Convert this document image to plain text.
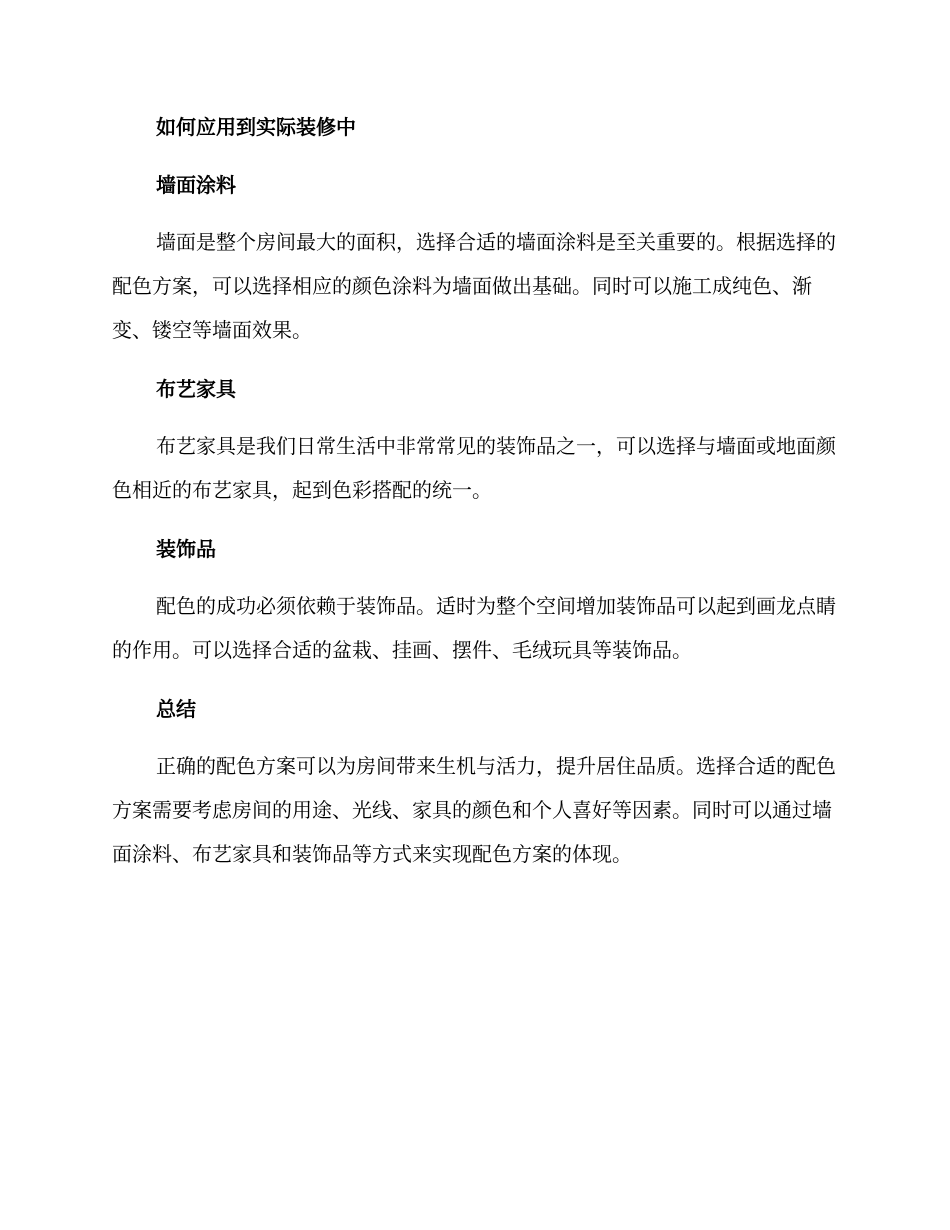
如何应用到实际装修中
墙面涂料

墙面是整个房间最大的面积，选择合适的墙面涂料是至关重要的。根据选择的配色方案，可以选择相应的颜色涂料为墙面做出基础。同时可以施工成纯色、渐变、镂空等墙面效果。

布艺家具

布艺家具是我们日常生活中非常常见的装饰品之一，可以选择与墙面或地面颜色相近的布艺家具，起到色彩搭配的统一。

装饰品

配色的成功必须依赖于装饰品。适时为整个空间增加装饰品可以起到画龙点睛的作用。可以选择合适的盆栽、挂画、摆件、毛绒玩具等装饰品。

总结

正确的配色方案可以为房间带来生机与活力，提升居住品质。选择合适的配色方案需要考虑房间的用途、光线、家具的颜色和个人喜好等因素。同时可以通过墙面涂料、布艺家具和装饰品等方式来实现配色方案的体现。
